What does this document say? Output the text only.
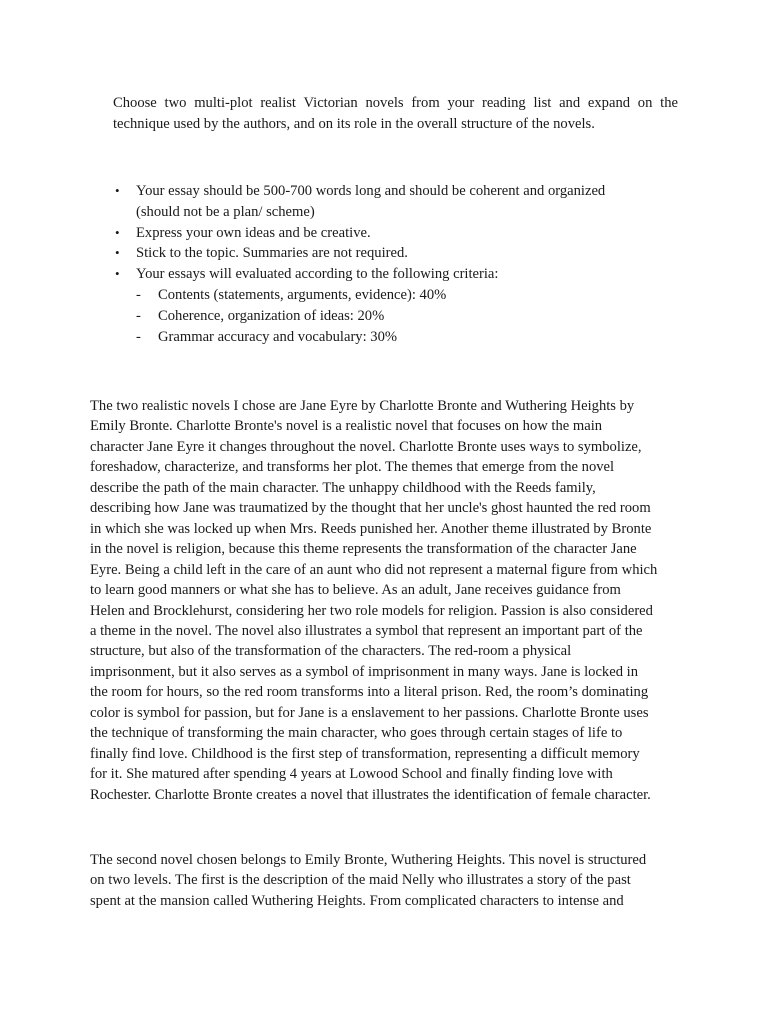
Choose two multi-plot realist Victorian novels from your reading list and expand on the technique used by the authors, and on its role in the overall structure of the novels.

• Your essay should be 500-700 words long and should be coherent and organized (should not be a plan/ scheme)
• Express your own ideas and be creative.
• Stick to the topic. Summaries are not required.
• Your essays will evaluated according to the following criteria:
- Contents (statements, arguments, evidence): 40%
- Coherence, organization of ideas: 20%
- Grammar accuracy and vocabulary: 30%

The two realistic novels I chose are Jane Eyre by Charlotte Bronte and Wuthering Heights by
Emily Bronte. Charlotte Bronte's novel is a realistic novel that focuses on how the main
character Jane Eyre it changes throughout the novel. Charlotte Bronte uses ways to symbolize,
foreshadow, characterize, and transforms her plot. The themes that emerge from the novel
describe the path of the main character. The unhappy childhood with the Reeds family,
describing how Jane was traumatized by the thought that her uncle's ghost haunted the red room
in which she was locked up when Mrs. Reeds punished her. Another theme illustrated by Bronte
in the novel is religion, because this theme represents the transformation of the character Jane
Eyre. Being a child left in the care of an aunt who did not represent a maternal figure from which
to learn good manners or what she has to believe. As an adult, Jane receives guidance from
Helen and Brocklehurst, considering her two role models for religion. Passion is also considered
a theme in the novel. The novel also illustrates a symbol that represent an important part of the
structure, but also of the transformation of the characters. The red-room a physical
imprisonment, but it also serves as a symbol of imprisonment in many ways. Jane is locked in
the room for hours, so the red room transforms into a literal prison. Red, the room’s dominating
color is symbol for passion, but for Jane is a enslavement to her passions. Charlotte Bronte uses
the technique of transforming the main character, who goes through certain stages of life to
finally find love. Childhood is the first step of transformation, representing a difficult memory
for it. She matured after spending 4 years at Lowood School and finally finding love with
Rochester. Charlotte Bronte creates a novel that illustrates the identification of female character.

The second novel chosen belongs to Emily Bronte, Wuthering Heights. This novel is structured
on two levels. The first is the description of the maid Nelly who illustrates a story of the past
spent at the mansion called Wuthering Heights. From complicated characters to intense and
